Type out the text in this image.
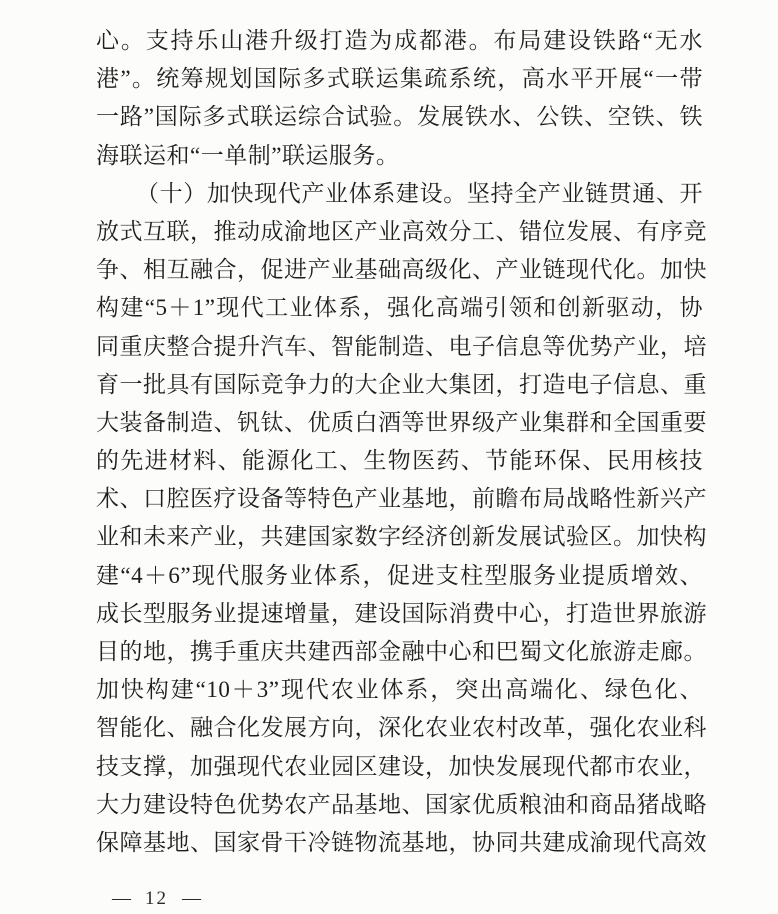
心。支持乐山港升级打造为成都港。布局建设铁路“无水
港”。统筹规划国际多式联运集疏系统，高水平开展“一带
一路”国际多式联运综合试验。发展铁水、公铁、空铁、铁
海联运和“一单制”联运服务。
（十）加快现代产业体系建设。坚持全产业链贯通、开
放式互联，推动成渝地区产业高效分工、错位发展、有序竞
争、相互融合，促进产业基础高级化、产业链现代化。加快
构建“5＋1”现代工业体系，强化高端引领和创新驱动，协
同重庆整合提升汽车、智能制造、电子信息等优势产业，培
育一批具有国际竞争力的大企业大集团，打造电子信息、重
大装备制造、钒钛、优质白酒等世界级产业集群和全国重要
的先进材料、能源化工、生物医药、节能环保、民用核技
术、口腔医疗设备等特色产业基地，前瞻布局战略性新兴产
业和未来产业，共建国家数字经济创新发展试验区。加快构
建“4＋6”现代服务业体系，促进支柱型服务业提质增效、
成长型服务业提速增量，建设国际消费中心，打造世界旅游
目的地，携手重庆共建西部金融中心和巴蜀文化旅游走廊。
加快构建“10＋3”现代农业体系，突出高端化、绿色化、
智能化、融合化发展方向，深化农业农村改革，强化农业科
技支撑，加强现代农业园区建设，加快发展现代都市农业，
大力建设特色优势农产品基地、国家优质粮油和商品猪战略
保障基地、国家骨干冷链物流基地，协同共建成渝现代高效
— 12 —
